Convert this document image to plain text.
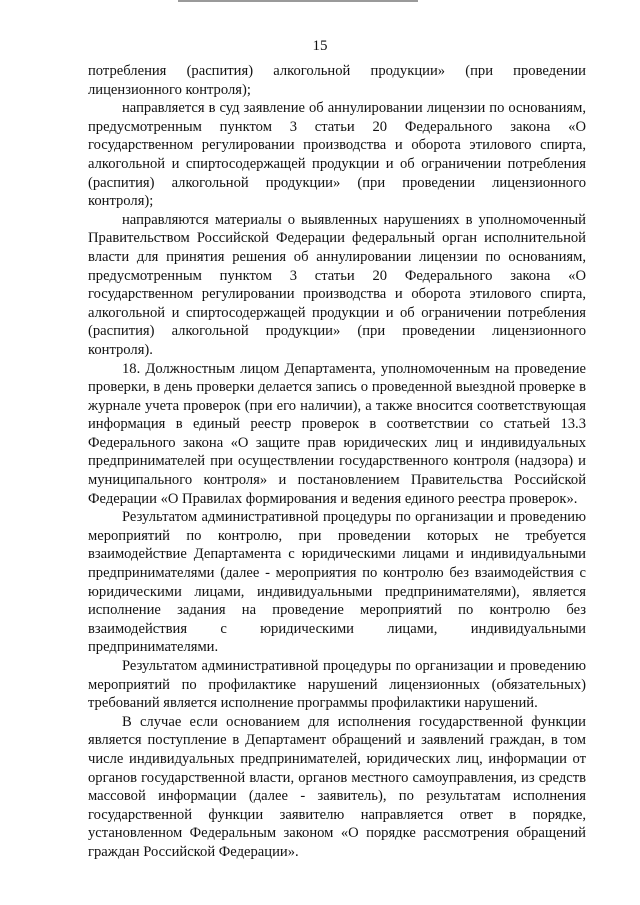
15

потребления (распития) алкогольной продукции» (при проведении лицензионного контроля);

направляется в суд заявление об аннулировании лицензии по основаниям, предусмотренным пунктом 3 статьи 20 Федерального закона «О государственном регулировании производства и оборота этилового спирта, алкогольной и спиртосодержащей продукции и об ограничении потребления (распития) алкогольной продукции» (при проведении лицензионного контроля);

направляются материалы о выявленных нарушениях в уполномоченный Правительством Российской Федерации федеральный орган исполнительной власти для принятия решения об аннулировании лицензии по основаниям, предусмотренным пунктом 3 статьи 20 Федерального закона «О государственном регулировании производства и оборота этилового спирта, алкогольной и спиртосодержащей продукции и об ограничении потребления (распития) алкогольной продукции» (при проведении лицензионного контроля).

18. Должностным лицом Департамента, уполномоченным на проведение проверки, в день проверки делается запись о проведенной выездной проверке в журнале учета проверок (при его наличии), а также вносится соответствующая информация в единый реестр проверок в соответствии со статьей 13.3 Федерального закона «О защите прав юридических лиц и индивидуальных предпринимателей при осуществлении государственного контроля (надзора) и муниципального контроля» и постановлением Правительства Российской Федерации «О Правилах формирования и ведения единого реестра проверок».

Результатом административной процедуры по организации и проведению мероприятий по контролю, при проведении которых не требуется взаимодействие Департамента с юридическими лицами и индивидуальными предпринимателями (далее - мероприятия по контролю без взаимодействия с юридическими лицами, индивидуальными предпринимателями), является исполнение задания на проведение мероприятий по контролю без взаимодействия с юридическими лицами, индивидуальными предпринимателями.

Результатом административной процедуры по организации и проведению мероприятий по профилактике нарушений лицензионных (обязательных) требований является исполнение программы профилактики нарушений.

В случае если основанием для исполнения государственной функции является поступление в Департамент обращений и заявлений граждан, в том числе индивидуальных предпринимателей, юридических лиц, информации от органов государственной власти, органов местного самоуправления, из средств массовой информации (далее - заявитель), по результатам исполнения государственной функции заявителю направляется ответ в порядке, установленном Федеральным законом «О порядке рассмотрения обращений граждан Российской Федерации».
